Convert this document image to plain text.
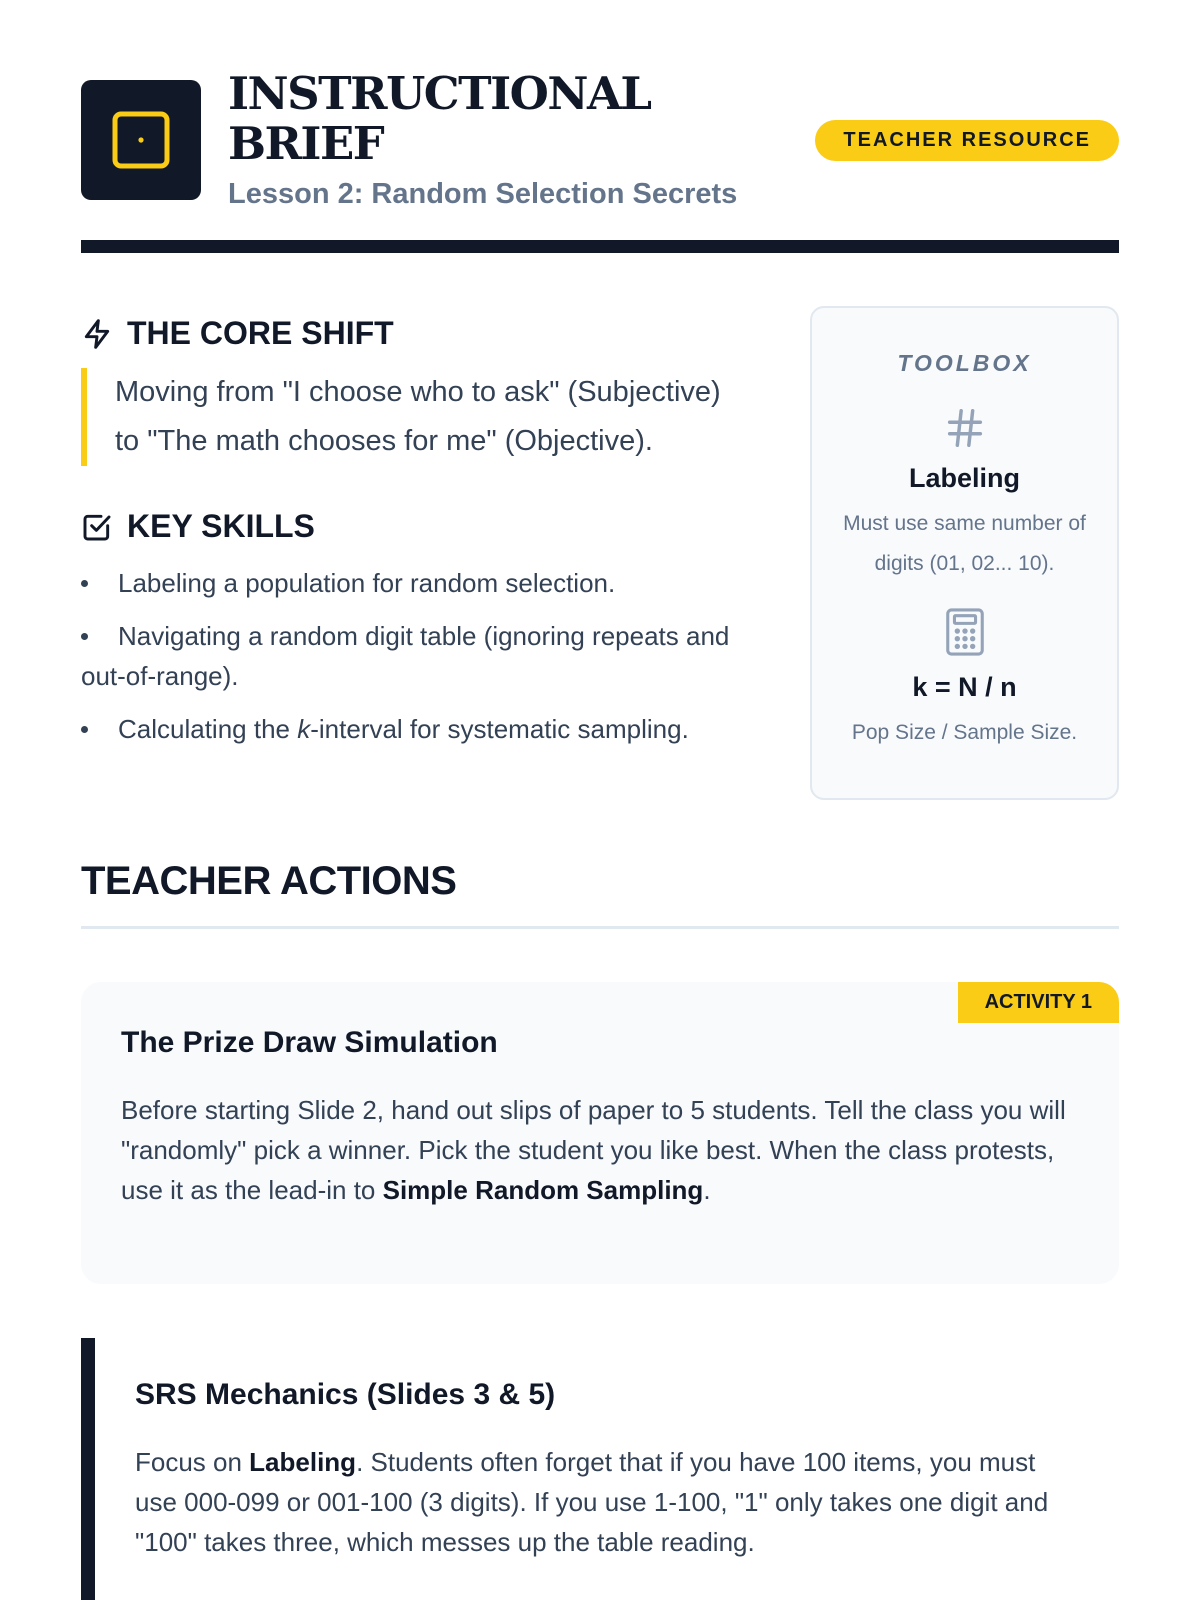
INSTRUCTIONAL BRIEF
Lesson 2: Random Selection Secrets
TEACHER RESOURCE
THE CORE SHIFT
Moving from "I choose who to ask" (Subjective) to "The math chooses for me" (Objective).
KEY SKILLS
Labeling a population for random selection.
Navigating a random digit table (ignoring repeats and out-of-range).
Calculating the k-interval for systematic sampling.
TOOLBOX
Labeling
Must use same number of digits (01, 02... 10).
k = N / n
Pop Size / Sample Size.
TEACHER ACTIONS
ACTIVITY 1
The Prize Draw Simulation
Before starting Slide 2, hand out slips of paper to 5 students. Tell the class you will "randomly" pick a winner. Pick the student you like best. When the class protests, use it as the lead-in to Simple Random Sampling.
SRS Mechanics (Slides 3 & 5)
Focus on Labeling. Students often forget that if you have 100 items, you must use 000-099 or 001-100 (3 digits). If you use 1-100, "1" only takes one digit and "100" takes three, which messes up the table reading.
